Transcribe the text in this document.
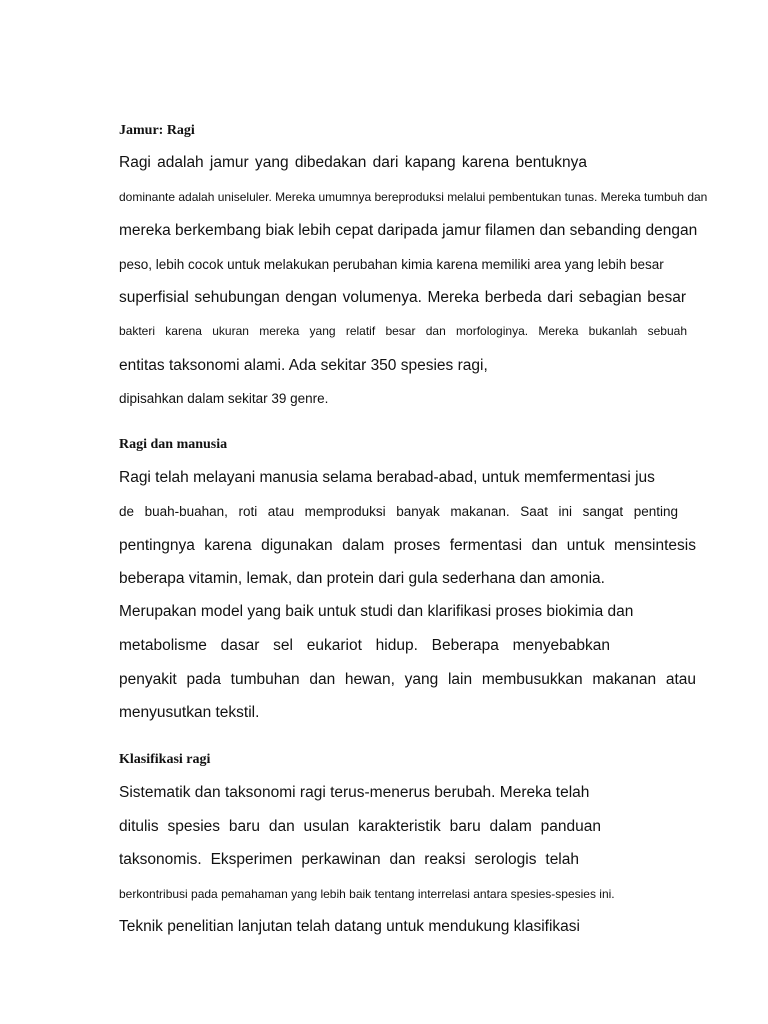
Jamur: Ragi
Ragi adalah jamur yang dibedakan dari kapang karena bentuknya
dominante adalah uniseluler. Mereka umumnya bereproduksi melalui pembentukan tunas. Mereka tumbuh dan
mereka berkembang biak lebih cepat daripada jamur filamen dan sebanding dengan
peso, lebih cocok untuk melakukan perubahan kimia karena memiliki area yang lebih besar
superfisial sehubungan dengan volumenya. Mereka berbeda dari sebagian besar
bakteri karena ukuran mereka yang relatif besar dan morfologinya. Mereka bukanlah sebuah
entitas taksonomi alami. Ada sekitar 350 spesies ragi,
dipisahkan dalam sekitar 39 genre.
Ragi dan manusia
Ragi telah melayani manusia selama berabad-abad, untuk memfermentasi jus
de buah-buahan, roti atau memproduksi banyak makanan. Saat ini sangat penting
pentingnya karena digunakan dalam proses fermentasi dan untuk mensintesis
beberapa vitamin, lemak, dan protein dari gula sederhana dan amonia.
Merupakan model yang baik untuk studi dan klarifikasi proses biokimia dan
metabolisme dasar sel eukariot hidup. Beberapa menyebabkan
penyakit pada tumbuhan dan hewan, yang lain membusukkan makanan atau
menyusutkan tekstil.
Klasifikasi ragi
Sistematik dan taksonomi ragi terus-menerus berubah. Mereka telah
ditulis spesies baru dan usulan karakteristik baru dalam panduan
taksonomis. Eksperimen perkawinan dan reaksi serologis telah
berkontribusi pada pemahaman yang lebih baik tentang interrelasi antara spesies-spesies ini.
Teknik penelitian lanjutan telah datang untuk mendukung klasifikasi
